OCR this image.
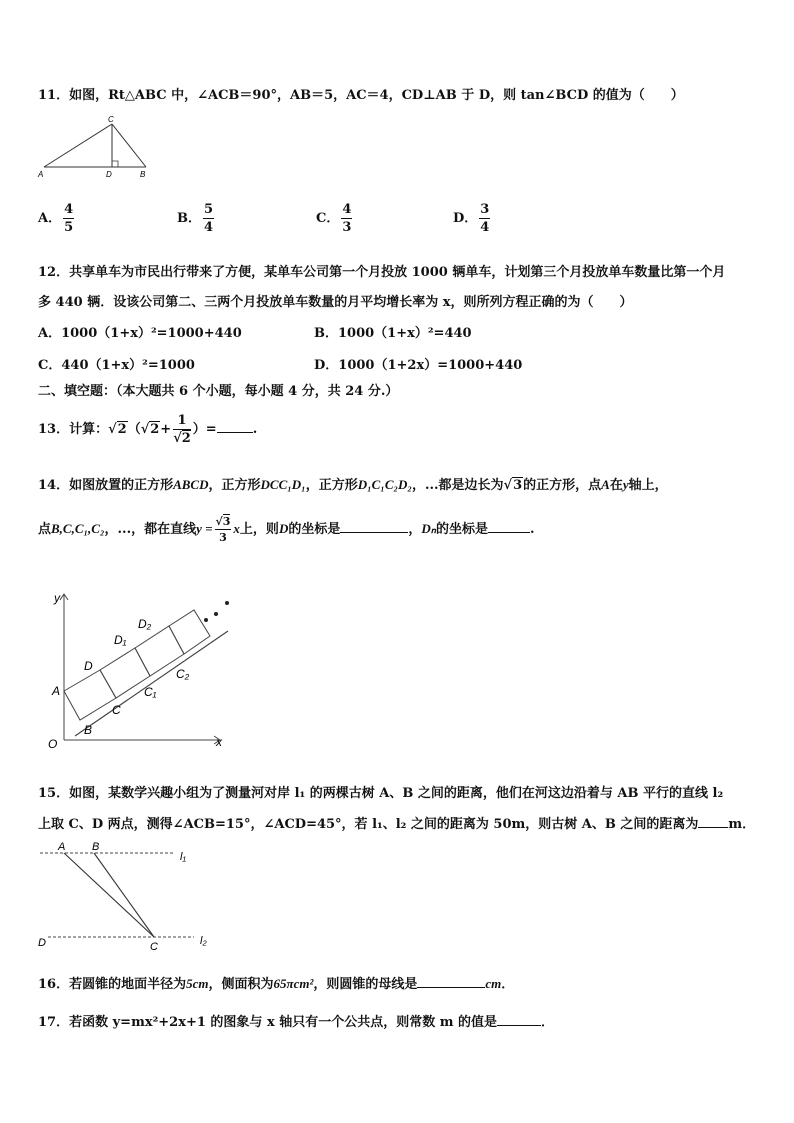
11．如图，Rt△ABC 中，∠ACB＝90°，AB＝5，AC＝4，CD⊥AB 于 D，则 tan∠BCD 的值为（　　）
C
A	D	B
A． $\frac{4}{5}$	B． $\frac{5}{4}$	C． $\frac{4}{3}$	D． $\frac{3}{4}$
12．共享单车为市民出行带来了方便，某单车公司第一个月投放 1000 辆单车，计划第三个月投放单车数量比第一个月
多 440 辆．设该公司第二、三两个月投放单车数量的月平均增长率为 x，则所列方程正确的为（　　）
A．1000（1+x）²=1000+440	B．1000（1+x）²=440
C．440（1+x）²=1000	D．1000（1+2x）=1000+440
二、填空题：（本大题共 6 个小题，每小题 4 分，共 24 分.）
13．计算：$√2(√2+ \frac{1}{√2}$ ）=	.
14．如图放置的正方形ABCD，正方形DCC₁D₁，正方形D₁C₁C₂D₂，...都是边长为√3的正方形，点A在y轴上，
点B,C,C₁,C₂，...，都在直线$y = \frac{√3}{3}$ x上，则D的坐标是	，Dₙ的坐标是	.
y
x
O
A
B
C
D
C₁
D₁
C₂
D₂
15．如图，某数学兴趣小组为了测量河对岸 l₁ 的两棵古树 A、B 之间的距离，他们在河这边沿着与 AB 平行的直线 l₂
上取 C、D 两点，测得∠ACB=15°，∠ACD=45°，若 l₁、l₂ 之间的距离为 50m，则古树 A、B 之间的距离为 m．
A B
l₁
D	C	l₂
16．若圆锥的地面半径为5cm，侧面积为65πcm²，则圆锥的母线是	cm．
17．若函数 y=mx²+2x+1 的图象与 x 轴只有一个公共点，则常数 m 的值是	．
